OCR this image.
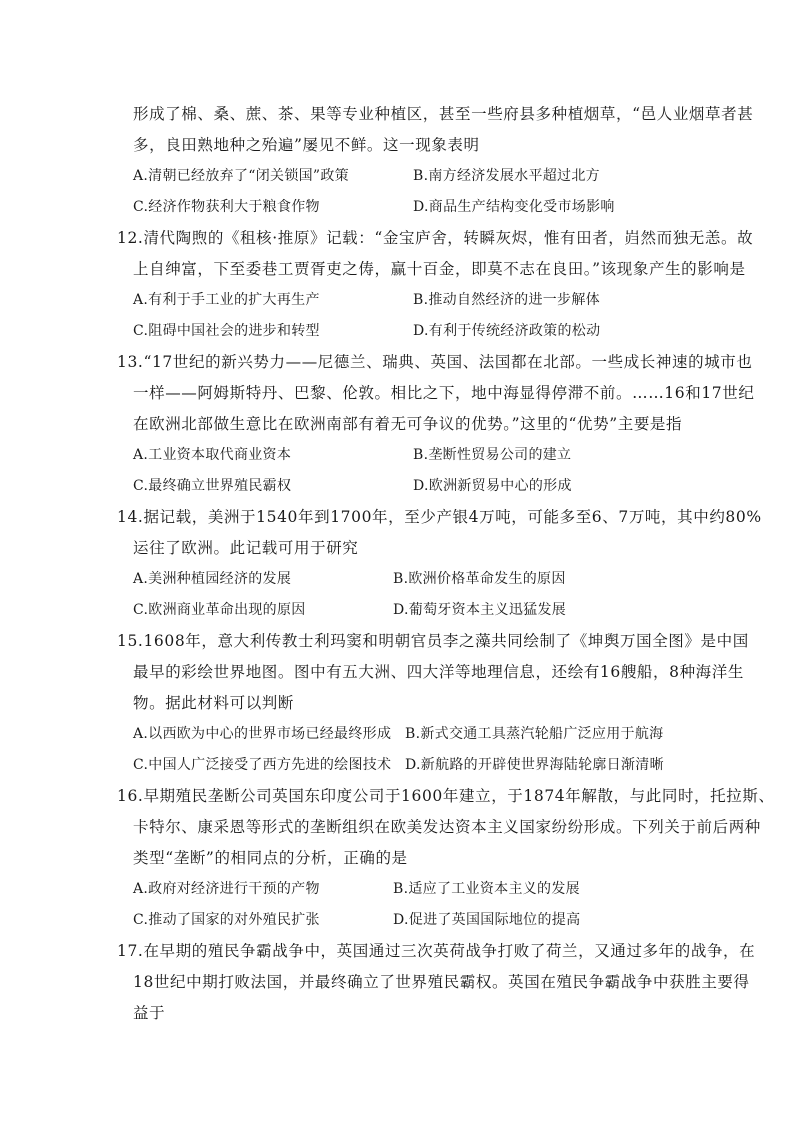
形成了棉、桑、蔗、茶、果等专业种植区，甚至一些府县多种植烟草，“邑人业烟草者甚
多，良田熟地种之殆遍”屡见不鲜。这一现象表明
A.清朝已经放弃了“闭关锁国”政策	B.南方经济发展水平超过北方
C.经济作物获利大于粮食作物	D.商品生产结构变化受市场影响
12.清代陶煦的《租核·推原》记载：“金宝庐舍，转瞬灰烬，惟有田者，岿然而独无恙。故
上自绅富，下至委巷工贾胥吏之俦，赢十百金，即莫不志在良田。”该现象产生的影响是
A.有利于手工业的扩大再生产	B.推动自然经济的进一步解体
C.阻碍中国社会的进步和转型	D.有利于传统经济政策的松动
13.“17世纪的新兴势力——尼德兰、瑞典、英国、法国都在北部。一些成长神速的城市也
一样——阿姆斯特丹、巴黎、伦敦。相比之下，地中海显得停滞不前。……16和17世纪
在欧洲北部做生意比在欧洲南部有着无可争议的优势。”这里的“优势”主要是指
A.工业资本取代商业资本	B.垄断性贸易公司的建立
C.最终确立世界殖民霸权	D.欧洲新贸易中心的形成
14.据记载，美洲于1540年到1700年，至少产银4万吨，可能多至6、7万吨，其中约80%
运往了欧洲。此记载可用于研究
A.美洲种植园经济的发展	B.欧洲价格革命发生的原因
C.欧洲商业革命出现的原因	D.葡萄牙资本主义迅猛发展
15.1608年，意大利传教士利玛窦和明朝官员李之藻共同绘制了《坤舆万国全图》是中国
最早的彩绘世界地图。图中有五大洲、四大洋等地理信息，还绘有16艘船，8种海洋生
物。据此材料可以判断
A.以西欧为中心的世界市场已经最终形成 B.新式交通工具蒸汽轮船广泛应用于航海
C.中国人广泛接受了西方先进的绘图技术 D.新航路的开辟使世界海陆轮廓日渐清晰
16.早期殖民垄断公司英国东印度公司于1600年建立，于1874年解散，与此同时，托拉斯、
卡特尔、康采恩等形式的垄断组织在欧美发达资本主义国家纷纷形成。下列关于前后两种
类型“垄断”的相同点的分析，正确的是
A.政府对经济进行干预的产物	B.适应了工业资本主义的发展
C.推动了国家的对外殖民扩张	D.促进了英国国际地位的提高
17.在早期的殖民争霸战争中，英国通过三次英荷战争打败了荷兰，又通过多年的战争，在
18世纪中期打败法国，并最终确立了世界殖民霸权。英国在殖民争霸战争中获胜主要得
益于
